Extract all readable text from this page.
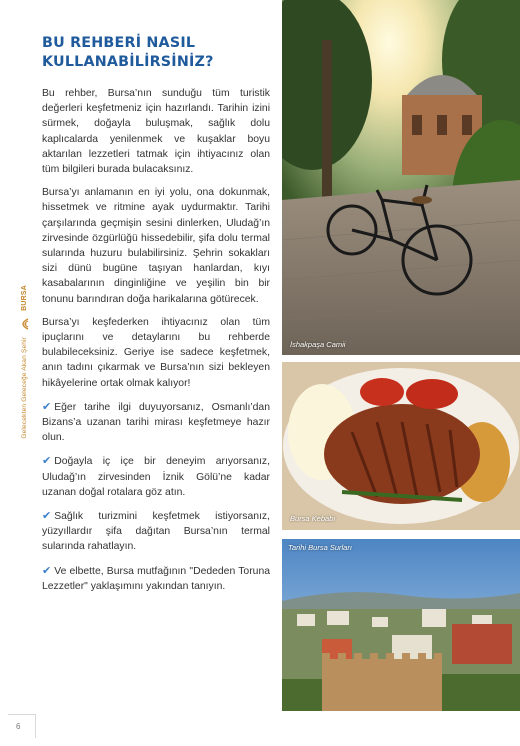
Gelecekten Geleceğe Akan Şehir
BURSA
BU REHBERİ NASIL
KULLANABİLİRSİNİZ?

Bu rehber, Bursa’nın sunduğu tüm turistik değerleri keşfetmeniz için hazırlandı. Tarihin izini sürmek, doğayla buluşmak, sağlık dolu kaplıcalarda yenilenmek ve kuşaklar boyu aktarılan lezzetleri tatmak için ihtiyacınız olan tüm bilgileri burada bulacaksınız.

Bursa’yı anlamanın en iyi yolu, ona dokunmak, hissetmek ve ritmine ayak uydurmaktır. Tarihi çarşılarında geçmişin sesini dinlerken, Uludağ’ın zirvesinde özgürlüğü hissedebilir, şifa dolu termal sularında huzuru bulabilirsiniz. Şehrin sokakları sizi dünü bugüne taşıyan hanlardan, kıyı kasabalarının dinginliğine ve yeşilin bin bir tonunu barındıran doğa harikalarına götürecek.

Bursa’yı keşfederken ihtiyacınız olan tüm ipuçlarını ve detaylarını bu rehberde bulabileceksiniz. Geriye ise sadece keşfetmek, anın tadını çıkarmak ve Bursa’nın sizi bekleyen hikâyelerine ortak olmak kalıyor!

✔ Eğer tarihe ilgi duyuyorsanız, Osmanlı’dan Bizans’a uzanan tarihi mirası keşfetmeye hazır olun.

✔ Doğayla iç içe bir deneyim arıyorsanız, Uludağ’ın zirvesinden İznik Gölü’ne kadar uzanan doğal rotalara göz atın.

✔ Sağlık turizmini keşfetmek istiyorsanız, yüzyıllardır şifa dağıtan Bursa’nın termal sularında rahatlayın.

✔ Ve elbette, Bursa mutfağının "Dededen Toruna Lezzetler" yaklaşımını yakından tanıyın.

İshakpaşa Camii
Bursa Kebabı
Tarihi Bursa Surları
6
